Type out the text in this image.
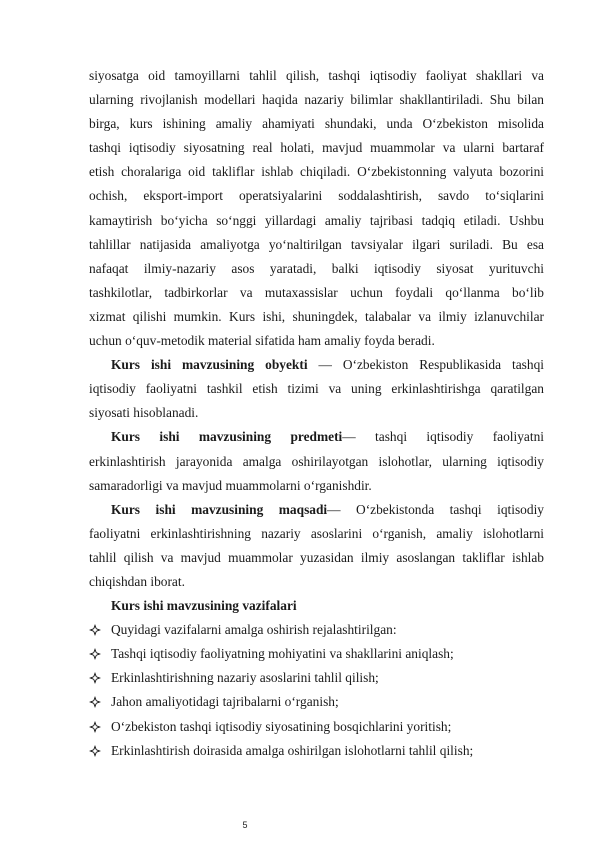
siyosatga oid tamoyillarni tahlil qilish, tashqi iqtisodiy faoliyat shakllari va
ularning rivojlanish modellari haqida nazariy bilimlar shakllantiriladi. Shu bilan
birga, kurs ishining amaliy ahamiyati shundaki, unda O‘zbekiston misolida
tashqi iqtisodiy siyosatning real holati, mavjud muammolar va ularni bartaraf
etish choralariga oid takliflar ishlab chiqiladi. O‘zbekistonning valyuta bozorini
ochish, eksport-import operatsiyalarini soddalashtirish, savdo to‘siqlarini
kamaytirish bo‘yicha so‘nggi yillardagi amaliy tajribasi tadqiq etiladi. Ushbu
tahlillar natijasida amaliyotga yo‘naltirilgan tavsiyalar ilgari suriladi. Bu esa
nafaqat ilmiy-nazariy asos yaratadi, balki iqtisodiy siyosat yurituvchi
tashkilotlar, tadbirkorlar va mutaxassislar uchun foydali qo‘llanma bo‘lib
xizmat qilishi mumkin. Kurs ishi, shuningdek, talabalar va ilmiy izlanuvchilar
uchun o‘quv-metodik material sifatida ham amaliy foyda beradi.
Kurs ishi mavzusining obyekti — O‘zbekiston Respublikasida tashqi
iqtisodiy faoliyatni tashkil etish tizimi va uning erkinlashtirishga qaratilgan
siyosati hisoblanadi.
Kurs ishi mavzusining predmeti— tashqi iqtisodiy faoliyatni
erkinlashtirish jarayonida amalga oshirilayotgan islohotlar, ularning iqtisodiy
samaradorligi va mavjud muammolarni o‘rganishdir.
Kurs ishi mavzusining maqsadi— O‘zbekistonda tashqi iqtisodiy
faoliyatni erkinlashtirishning nazariy asoslarini o‘rganish, amaliy islohotlarni
tahlil qilish va mavjud muammolar yuzasidan ilmiy asoslangan takliflar ishlab
chiqishdan iborat.
Kurs ishi mavzusining vazifalari
Quyidagi vazifalarni amalga oshirish rejalashtirilgan:
Tashqi iqtisodiy faoliyatning mohiyatini va shakllarini aniqlash;
Erkinlashtirishning nazariy asoslarini tahlil qilish;
Jahon amaliyotidagi tajribalarni o‘rganish;
O‘zbekiston tashqi iqtisodiy siyosatining bosqichlarini yoritish;
Erkinlashtirish doirasida amalga oshirilgan islohotlarni tahlil qilish;
5
